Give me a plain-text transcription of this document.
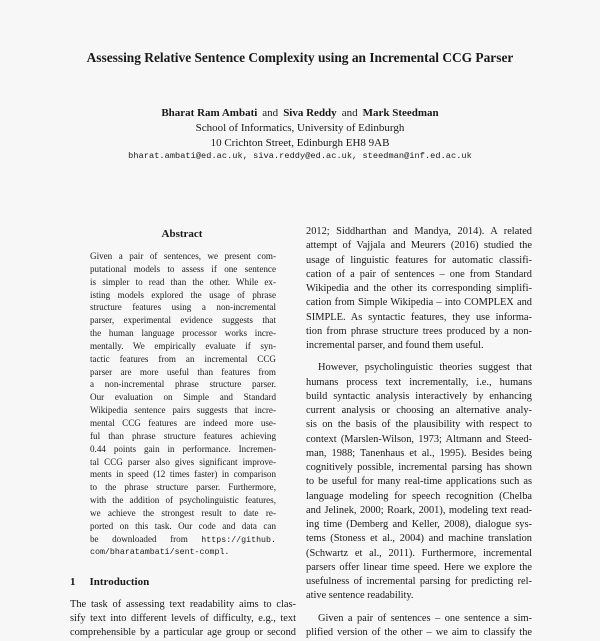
Assessing Relative Sentence Complexity using an Incremental CCG Parser
Bharat Ram Ambati and Siva Reddy and Mark Steedman
School of Informatics, University of Edinburgh
10 Crichton Street, Edinburgh EH8 9AB
bharat.ambati@ed.ac.uk, siva.reddy@ed.ac.uk, steedman@inf.ed.ac.uk
Abstract
Given a pair of sentences, we present com-
putational models to assess if one sentence
is simpler to read than the other. While ex-
isting models explored the usage of phrase
structure features using a non-incremental
parser, experimental evidence suggests that
the human language processor works incre-
mentally. We empirically evaluate if syn-
tactic features from an incremental CCG
parser are more useful than features from
a non-incremental phrase structure parser.
Our evaluation on Simple and Standard
Wikipedia sentence pairs suggests that incre-
mental CCG features are indeed more use-
ful than phrase structure features achieving
0.44 points gain in performance. Incremen-
tal CCG parser also gives significant improve-
ments in speed (12 times faster) in comparison
to the phrase structure parser. Furthermore,
with the addition of psycholinguistic features,
we achieve the strongest result to date re-
ported on this task. Our code and data can
be downloaded from https://github.
com/bharatambati/sent-compl.
1 Introduction
The task of assessing text readability aims to clas-
sify text into different levels of difficulty, e.g., text
comprehensible by a particular age group or second
2012; Siddharthan and Mandya, 2014). A related
attempt of Vajjala and Meurers (2016) studied the
usage of linguistic features for automatic classifi-
cation of a pair of sentences – one from Standard
Wikipedia and the other its corresponding simplifi-
cation from Simple Wikipedia – into COMPLEX and
SIMPLE. As syntactic features, they use informa-
tion from phrase structure trees produced by a non-
incremental parser, and found them useful.
However, psycholinguistic theories suggest that
humans process text incrementally, i.e., humans
build syntactic analysis interactively by enhancing
current analysis or choosing an alternative analy-
sis on the basis of the plausibility with respect to
context (Marslen-Wilson, 1973; Altmann and Steed-
man, 1988; Tanenhaus et al., 1995). Besides being
cognitively possible, incremental parsing has shown
to be useful for many real-time applications such as
language modeling for speech recognition (Chelba
and Jelinek, 2000; Roark, 2001), modeling text read-
ing time (Demberg and Keller, 2008), dialogue sys-
tems (Stoness et al., 2004) and machine translation
(Schwartz et al., 2011). Furthermore, incremental
parsers offer linear time speed. Here we explore the
usefulness of incremental parsing for predicting rel-
ative sentence readability.
Given a pair of sentences – one sentence a sim-
plified version of the other – we aim to classify the
